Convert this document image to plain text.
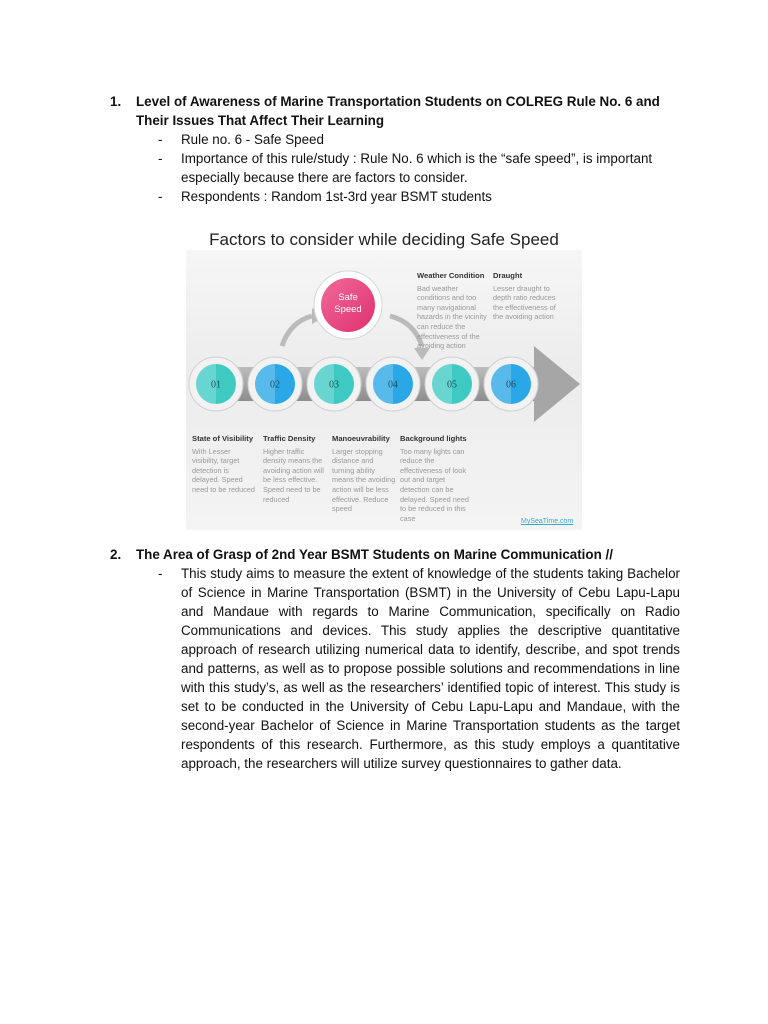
1.	Level of Awareness of Marine Transportation Students on COLREG Rule No. 6 and Their Issues That Affect Their Learning
- Rule no. 6 - Safe Speed
- Importance of this rule/study : Rule No. 6 which is the “safe speed”, is important especially because there are factors to consider.
- Respondents : Random 1st-3rd year BSMT students
Factors to consider while deciding Safe Speed
Safe
Speed
01	02	03	04	05	06
Weather Condition
Bad weather conditions and too many navigational hazards in the vicinity can reduce the effectiveness of the avoiding action
Draught
Lesser draught to depth ratio reduces the effectiveness of the avoiding action
State of Visibility
With Lesser visibility, target detection is delayed. Speed need to be reduced
Traffic Density
Higher traffic density means the avoiding action will be less effective. Speed need to be reduced
Manoeuvrability
Larger stopping distance and turning ability means the avoiding action will be less effective. Reduce speed
Background lights
Too many lights can reduce the effectiveness of look out and target detection can be delayed. Speed need to be reduced in this case	MySeaTime.com
2.	The Area of Grasp of 2nd Year BSMT Students on Marine Communication //
- This study aims to measure the extent of knowledge of the students taking Bachelor of Science in Marine Transportation (BSMT) in the University of Cebu Lapu-Lapu and Mandaue with regards to Marine Communication, specifically on Radio Communications and devices. This study applies the descriptive quantitative approach of research utilizing numerical data to identify, describe, and spot trends and patterns, as well as to propose possible solutions and recommendations in line with this study’s, as well as the researchers’ identified topic of interest. This study is set to be conducted in the University of Cebu Lapu-Lapu and Mandaue, with the second-year Bachelor of Science in Marine Transportation students as the target respondents of this research. Furthermore, as this study employs a quantitative approach, the researchers will utilize survey questionnaires to gather data.
